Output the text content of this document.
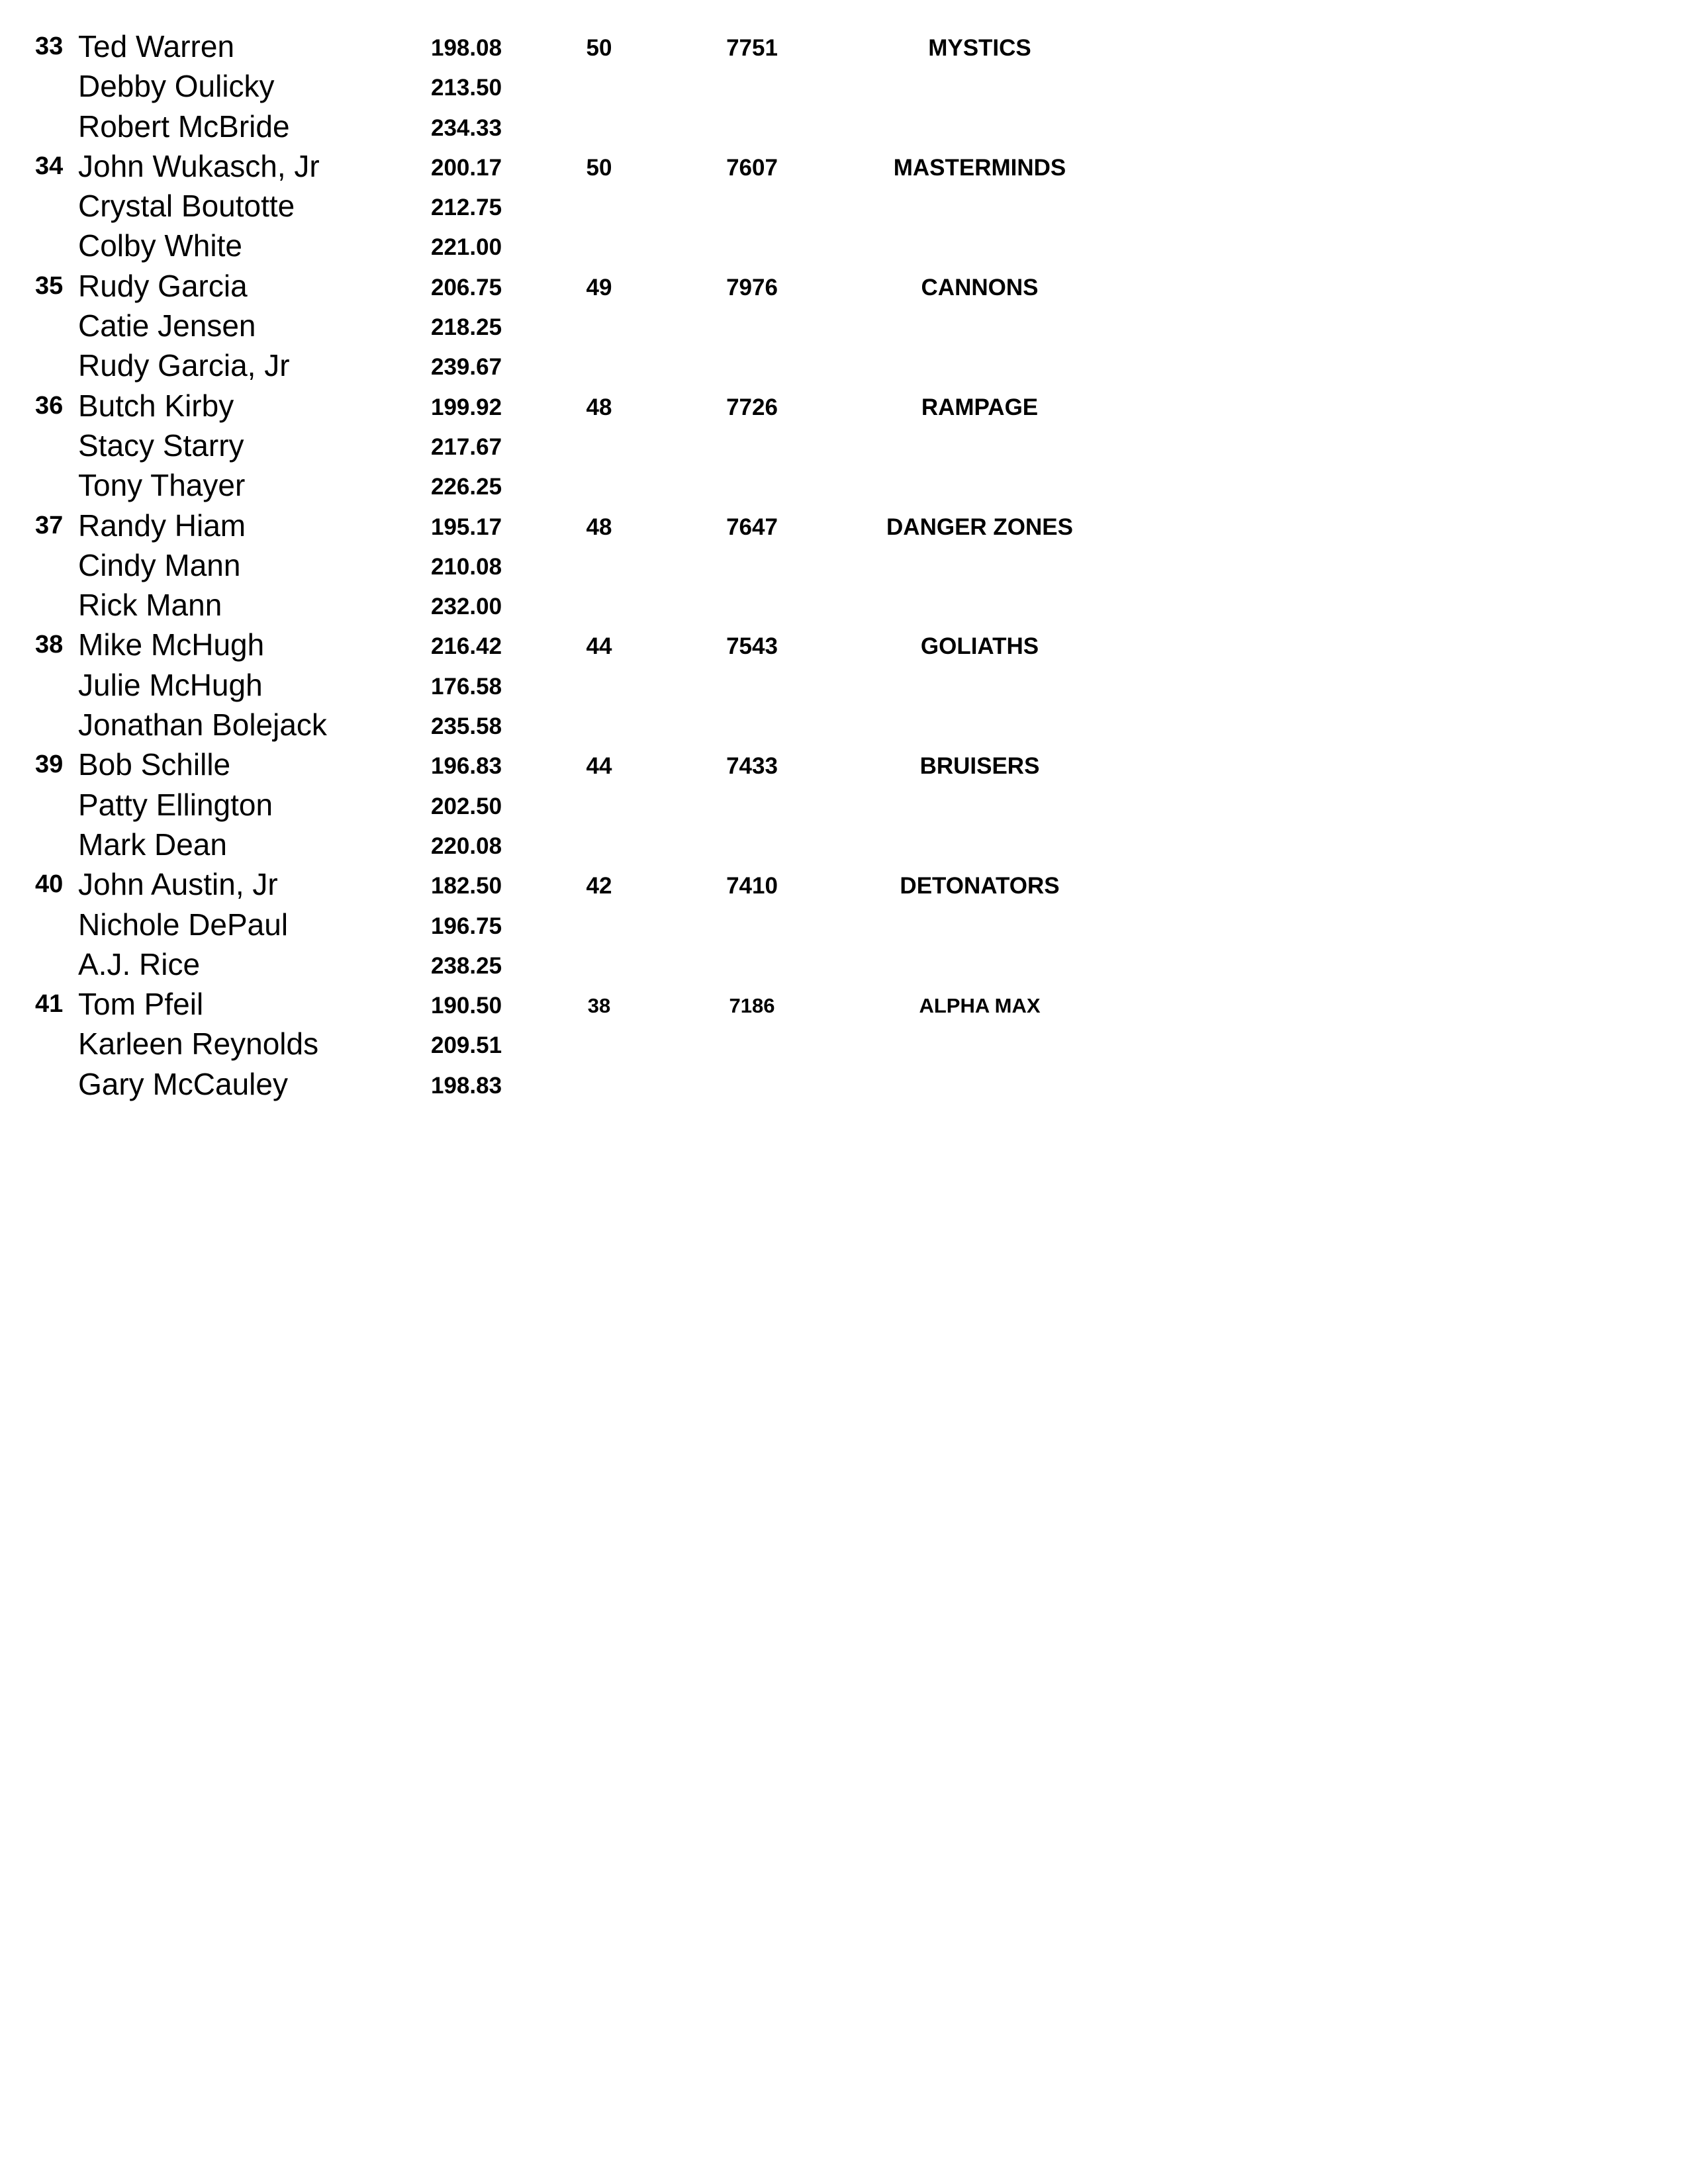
33 Ted Warren	198.08	50	7751	MYSTICS
Debby Oulicky	213.50
Robert McBride	234.33
34 John Wukasch, Jr	200.17	50	7607	MASTERMINDS
Crystal Boutotte	212.75
Colby White	221.00
35 Rudy Garcia	206.75	49	7976	CANNONS
Catie Jensen	218.25
Rudy Garcia, Jr	239.67
36 Butch Kirby	199.92	48	7726	RAMPAGE
Stacy Starry	217.67
Tony Thayer	226.25
37 Randy Hiam	195.17	48	7647	DANGER ZONES
Cindy Mann	210.08
Rick Mann	232.00
38 Mike McHugh	216.42	44	7543	GOLIATHS
Julie McHugh	176.58
Jonathan Bolejack	235.58
39 Bob Schille	196.83	44	7433	BRUISERS
Patty Ellington	202.50
Mark Dean	220.08
40 John Austin, Jr	182.50	42	7410	DETONATORS
Nichole DePaul	196.75
A.J. Rice	238.25
41 Tom Pfeil	190.50	38	7186	ALPHA MAX
Karleen Reynolds	209.51
Gary McCauley	198.83
